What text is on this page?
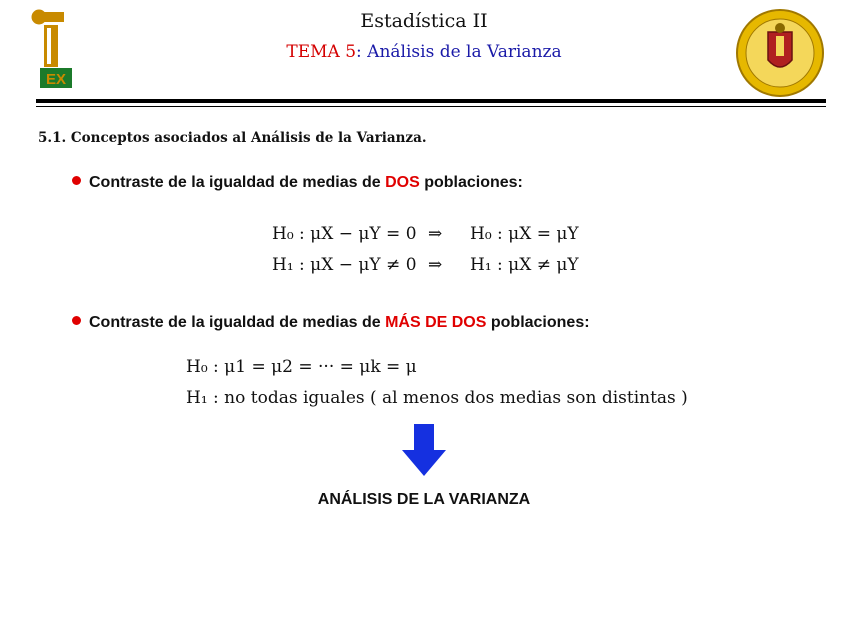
EX
Estadística II
TEMA 5: Análisis de la Varianza
5.1. Conceptos asociados al Análisis de la Varianza.
Contraste de la igualdad de medias de DOS poblaciones:
H₀ : μX − μY = 0 ⇒ H₀ : μX = μY
H₁ : μX − μY ≠ 0 ⇒ H₁ : μX ≠ μY
Contraste de la igualdad de medias de MÁS DE DOS poblaciones:
H₀ : μ1 = μ2 = ··· = μk = μ
H₁ : no todas iguales ( al menos dos medias son distintas )
ANÁLISIS DE LA VARIANZA
